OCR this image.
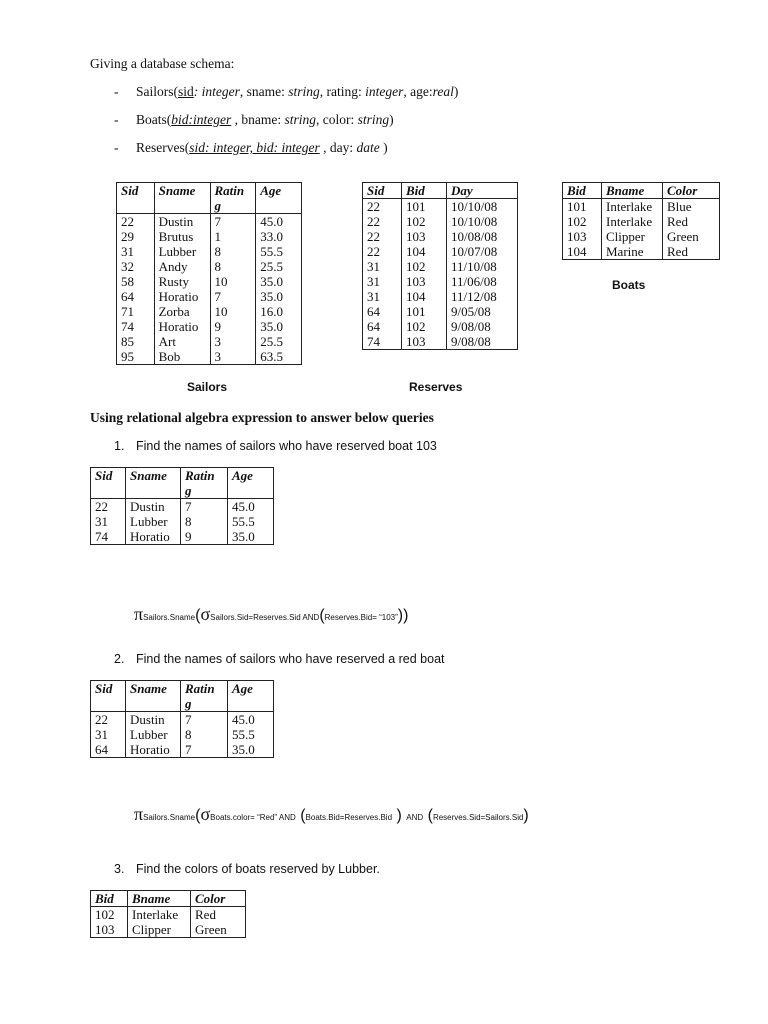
Giving a database schema:
- Sailors(sid: integer, sname: string, rating: integer, age:real)
- Boats(bid:integer , bname: string, color: string)
- Reserves(sid: integer, bid: integer , day: date )
Sid	Sname	Ratin g	Age
22	Dustin	7	45.0
29	Brutus	1	33.0
31	Lubber	8	55.5
32	Andy	8	25.5
58	Rusty	10	35.0
64	Horatio	7	35.0
71	Zorba	10	16.0
74	Horatio	9	35.0
85	Art	3	25.5
95	Bob	3	63.5
Sailors
Sid	Bid	Day
22	101	10/10/08
22	102	10/10/08
22	103	10/08/08
22	104	10/07/08
31	102	11/10/08
31	103	11/06/08
31	104	11/12/08
64	101	9/05/08
64	102	9/08/08
74	103	9/08/08
Reserves
Bid	Bname	Color
101	Interlake	Blue
102	Interlake	Red
103	Clipper	Green
104	Marine	Red
Boats
Using relational algebra expression to answer below queries
1. Find the names of sailors who have reserved boat 103
Sid	Sname	Ratin g	Age
22	Dustin	7	45.0
31	Lubber	8	55.5
74	Horatio	9	35.0
πSailors.Sname(σSailors.Sid=Reserves.Sid AND(Reserves.Bid= “103”))
2. Find the names of sailors who have reserved a red boat
Sid	Sname	Ratin g	Age
22	Dustin	7	45.0
31	Lubber	8	55.5
64	Horatio	7	35.0
πSailors.Sname(σBoats.color= “Red” AND (Boats.Bid=Reserves.Bid ) AND (Reserves.Sid=Sailors.Sid)
3. Find the colors of boats reserved by Lubber.
Bid	Bname	Color
102	Interlake	Red
103	Clipper	Green
